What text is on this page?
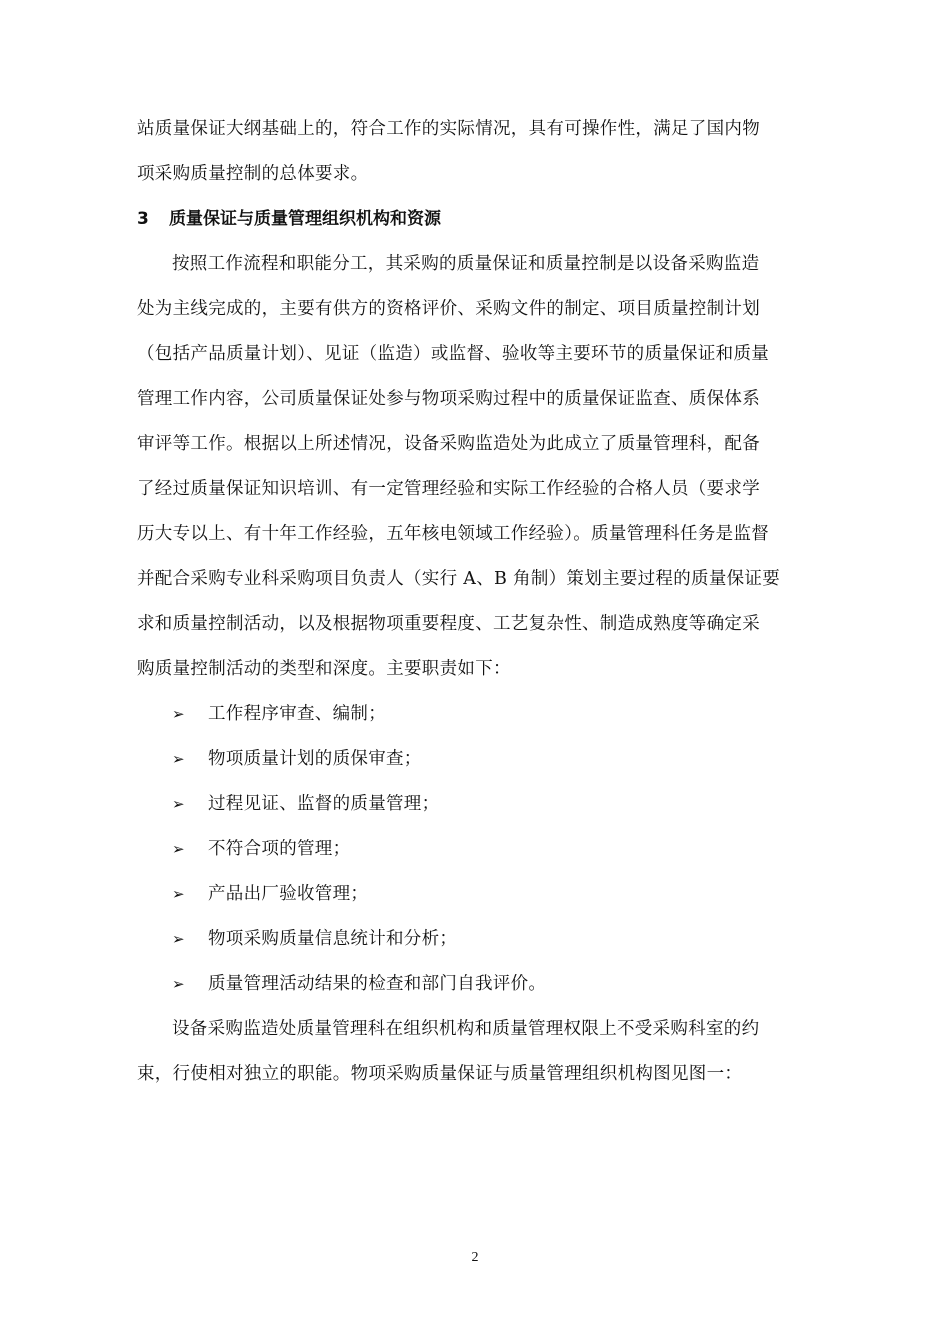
站质量保证大纲基础上的，符合工作的实际情况，具有可操作性，满足了国内物
项采购质量控制的总体要求。
3 质量保证与质量管理组织机构和资源
按照工作流程和职能分工，其采购的质量保证和质量控制是以设备采购监造
处为主线完成的，主要有供方的资格评价、采购文件的制定、项目质量控制计划
（包括产品质量计划）、见证（监造）或监督、验收等主要环节的质量保证和质量
管理工作内容，公司质量保证处参与物项采购过程中的质量保证监查、质保体系
审评等工作。根据以上所述情况，设备采购监造处为此成立了质量管理科，配备
了经过质量保证知识培训、有一定管理经验和实际工作经验的合格人员（要求学
历大专以上、有十年工作经验，五年核电领域工作经验）。质量管理科任务是监督
并配合采购专业科采购项目负责人（实行 A、B 角制）策划主要过程的质量保证要
求和质量控制活动，以及根据物项重要程度、工艺复杂性、制造成熟度等确定采
购质量控制活动的类型和深度。主要职责如下：
➢ 工作程序审查、编制；
➢ 物项质量计划的质保审查；
➢ 过程见证、监督的质量管理；
➢ 不符合项的管理；
➢ 产品出厂验收管理；
➢ 物项采购质量信息统计和分析；
➢ 质量管理活动结果的检查和部门自我评价。
设备采购监造处质量管理科在组织机构和质量管理权限上不受采购科室的约
束，行使相对独立的职能。物项采购质量保证与质量管理组织机构图见图一：
2
